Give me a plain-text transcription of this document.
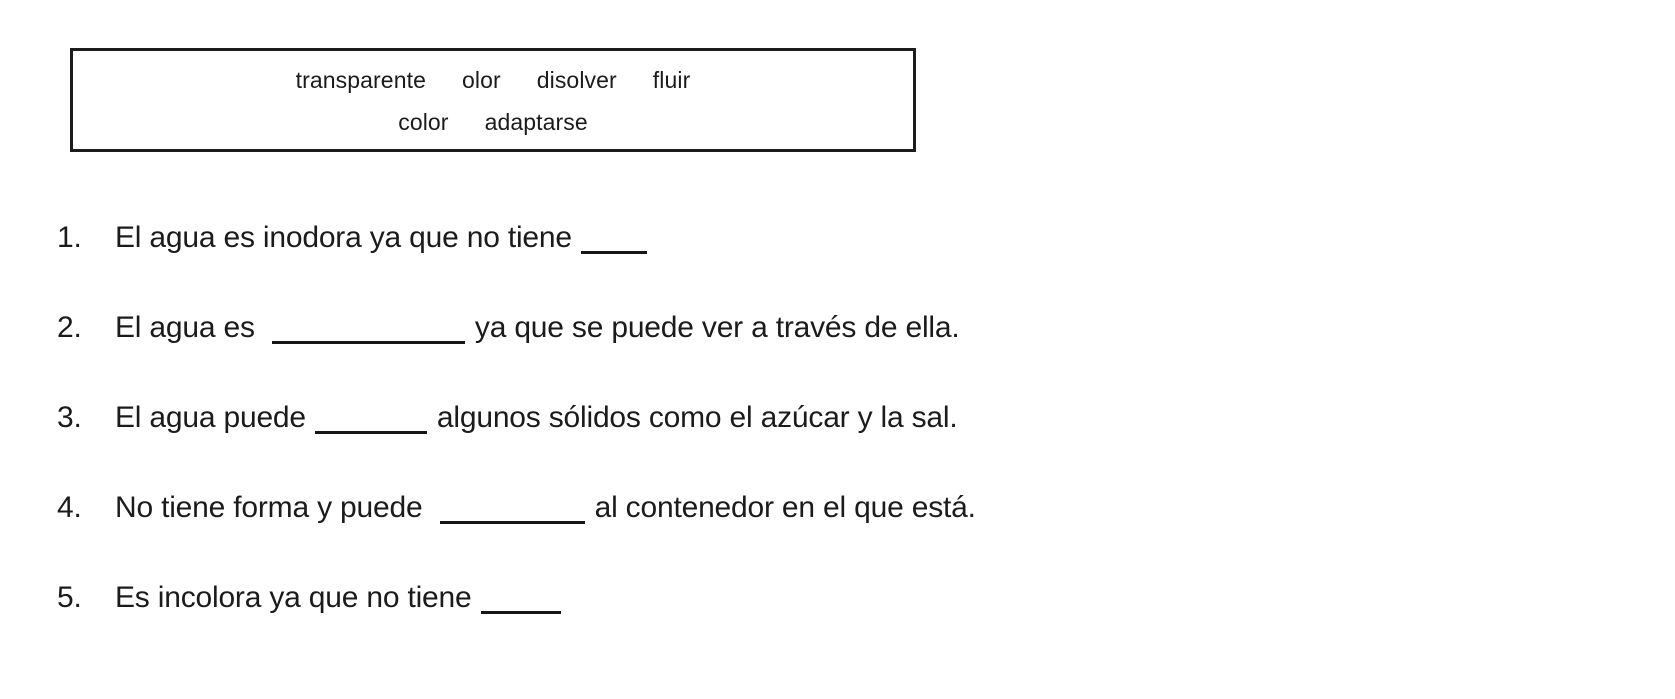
transparente olor disolver fluir
color adaptarse
1.	El agua es inodora ya que no tiene
2.	El agua es	ya que se puede ver a través de ella.
3.	El agua puede	algunos sólidos como el azúcar y la sal.
4.	No tiene forma y puede	al contenedor en el que está.
5.	Es incolora ya que no tiene
